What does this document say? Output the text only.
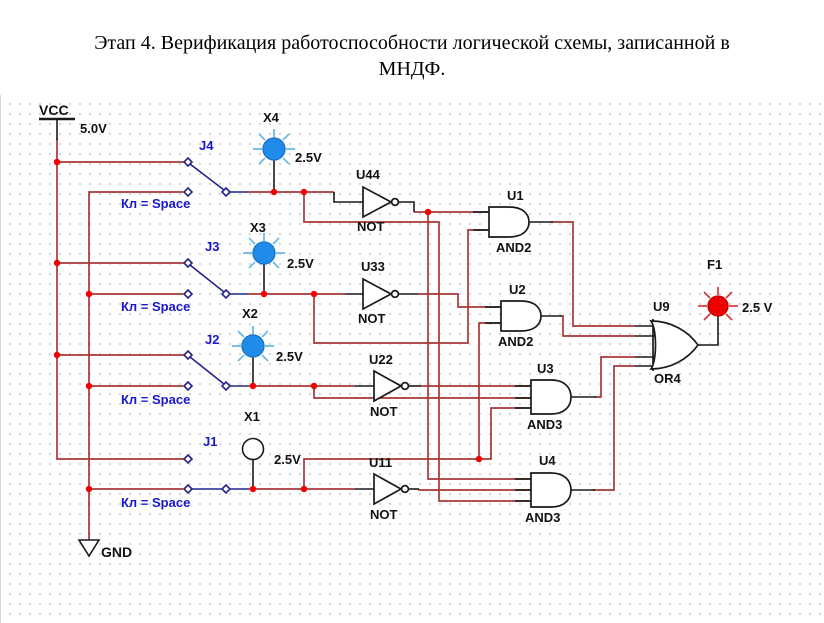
Этап 4. Верификация работоспособности логической схемы, записанной в
МНДФ.
VCC
5.0V
GND
J4
Кл = Space
J3
Кл = Space
J2
Кл = Space
J1
Кл = Space
X4
2.5V
X3
2.5V
X2
2.5V
X1
2.5V
U44
NOT
U33
NOT
U22
NOT
U11
NOT
U1
AND2
U2
AND2
U3
AND3
U4
AND3
U9
OR4
F1
2.5 V
